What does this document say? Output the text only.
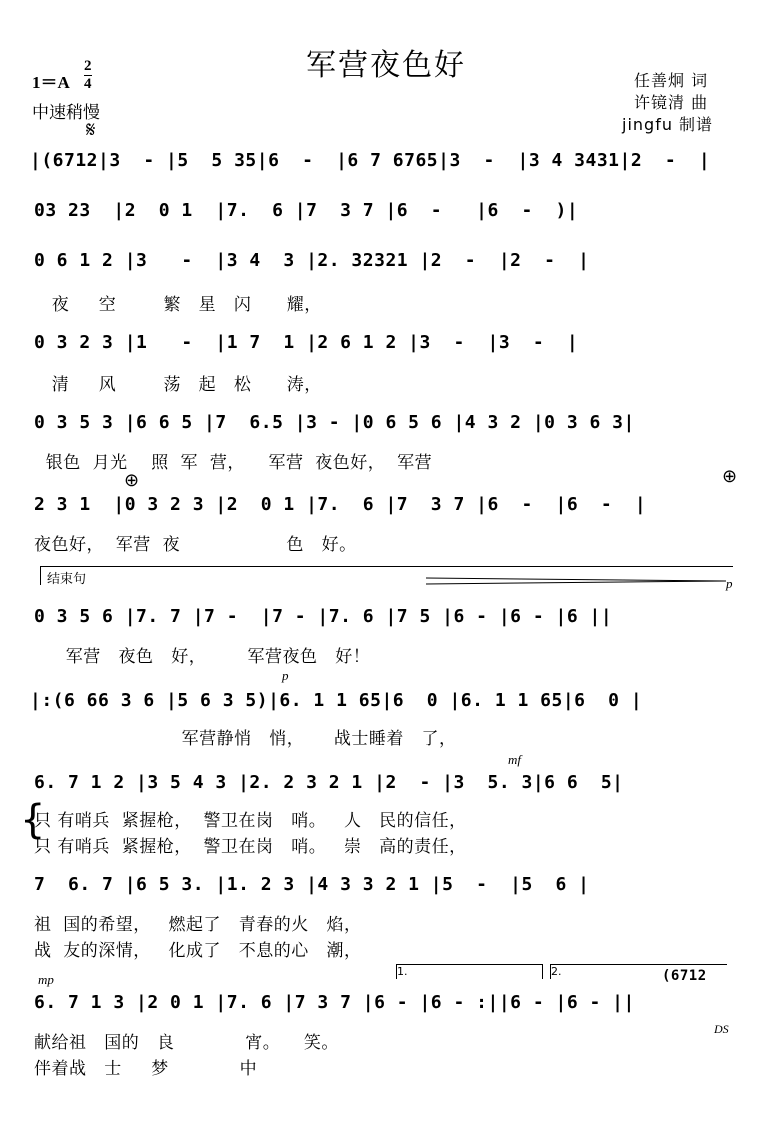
军营夜色好
$1=A \frac{2}{4}$
中速稍慢
𝄋
任善炯 词
许镜清 曲
jingfu 制谱
|(6712|3  - |5  5 35|6  -  |6 7 6765|3  -  |3 4 3431|2  -  |
03 23  |2  0 1  |7.  6 |7  3 7 |6  -   |6  -  )|
0 6 1 2 |3   -  |3 4  3 |2. 32321 |2  -  |2  -  |
夜     空        繁   星   闪      耀，
0 3 2 3 |1   -  |1 7  1 |2 6 1 2 |3  -  |3  -  |
清     风        荡   起   松      涛，
0 3 5 3 |6 6 5 |7  6.5 |3 - |0 6 5 6 |4 3 2 |0 3 6 3|
银色  月光    照  军  营，    军营  夜色好，  军营
⊕	⊕
2 3 1  |0 3 2 3 |2  0 1 |7.  6 |7  3 7 |6  -  |6  -  |
夜色好，  军营  夜                  色   好。
结束句	p
0 3 5 6 |7. 7 |7 -  |7 - |7. 6 |7 5 |6 - |6 - |6 ||
军营   夜色   好，       军营夜色   好！
p
|:(6 66 3 6 |5 6 3 5)|6. 1 1 65|6  0 |6. 1 1 65|6  0 |
军营静悄   悄，     战士睡着   了，
mf
6. 7 1 2 |3 5 4 3 |2. 2 3 2 1 |2  - |3  5. 3|6 6  5|
{
只 有哨兵  紧握枪，  警卫在岗   哨。   人   民的信任，
只 有哨兵  紧握枪，  警卫在岗   哨。   崇   高的责任，
7  6. 7 |6 5 3. |1. 2 3 |4 3 3 2 1 |5  -  |5  6 |
祖  国的希望，   燃起了   青春的火   焰，
战  友的深情，   化成了   不息的心   潮，
1.	2.	(6712
mp
6. 7 1 3 |2 0 1 |7. 6 |7 3 7 |6 - |6 - :||6 - |6 - ||
DS
献给祖   国的   良            宵。    笑。
伴着战   士     梦            中
